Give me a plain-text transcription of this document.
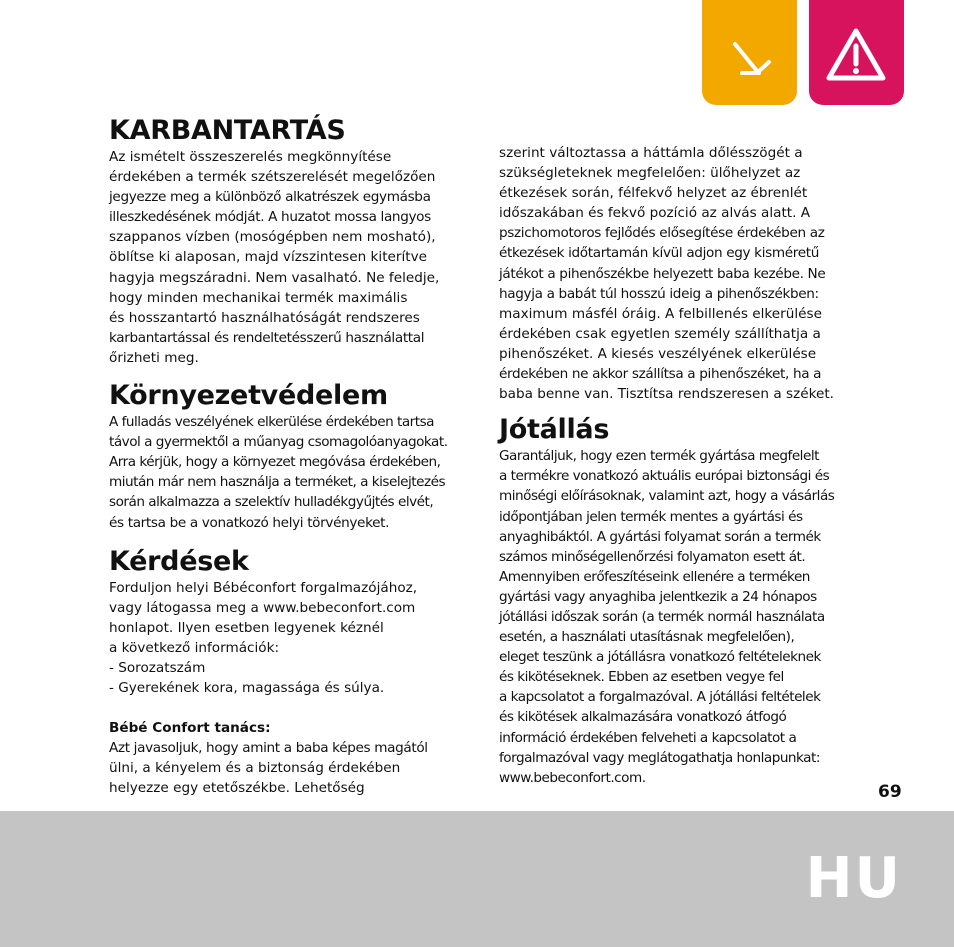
KARBANTARTÁS

Az ismételt összeszerelés megkönnyítése
érdekében a termék szétszerelését megelőzően
jegyezze meg a különböző alkatrészek egymásba
illeszkedésének módját. A huzatot mossa langyos
szappanos vízben (mosógépben nem mosható),
öblítse ki alaposan, majd vízszintesen kiterítve
hagyja megszáradni. Nem vasalható. Ne feledje,
hogy minden mechanikai termék maximális
és hosszantartó használhatóságát rendszeres
karbantartással és rendeltetésszerű használattal
őrizheti meg.

Környezetvédelem

A fulladás veszélyének elkerülése érdekében tartsa
távol a gyermektől a műanyag csomagolóanyagokat.
Arra kérjük, hogy a környezet megóvása érdekében,
miután már nem használja a terméket, a kiselejtezés
során alkalmazza a szelektív hulladékgyűjtés elvét,
és tartsa be a vonatkozó helyi törvényeket.

Kérdések

Forduljon helyi Bébéconfort forgalmazójához,
vagy látogassa meg a www.bebeconfort.com
honlapot. Ilyen esetben legyenek kéznél
a következő információk:
- Sorozatszám
- Gyerekének kora, magassága és súlya.
Bébé Confort tanács:
Azt javasoljuk, hogy amint a baba képes magától
ülni, a kényelem és a biztonság érdekében
helyezze egy etetőszékbe. Lehetőség

szerint változtassa a háttámla dőlésszögét a
szükségleteknek megfelelően: ülőhelyzet az
étkezések során, félfekvő helyzet az ébrenlét
időszakában és fekvő pozíció az alvás alatt. A
pszichomotoros fejlődés elősegítése érdekében az
étkezések időtartamán kívül adjon egy kisméretű
játékot a pihenőszékbe helyezett baba kezébe. Ne
hagyja a babát túl hosszú ideig a pihenőszékben:
maximum másfél óráig. A felbillenés elkerülése
érdekében csak egyetlen személy szállíthatja a
pihenőszéket. A kiesés veszélyének elkerülése
érdekében ne akkor szállítsa a pihenőszéket, ha a
baba benne van. Tisztítsa rendszeresen a széket.

Jótállás

Garantáljuk, hogy ezen termék gyártása megfelelt
a termékre vonatkozó aktuális európai biztonsági és
minőségi előírásoknak, valamint azt, hogy a vásárlás
időpontjában jelen termék mentes a gyártási és
anyaghibáktól. A gyártási folyamat során a termék
számos minőségellenőrzési folyamaton esett át.
Amennyiben erőfeszítéseink ellenére a terméken
gyártási vagy anyaghiba jelentkezik a 24 hónapos
jótállási időszak során (a termék normál használata
esetén, a használati utasításnak megfelelően),
eleget teszünk a jótállásra vonatkozó feltételeknek
és kikötéseknek. Ebben az esetben vegye fel
a kapcsolatot a forgalmazóval. A jótállási feltételek
és kikötések alkalmazására vonatkozó átfogó
információ érdekében felveheti a kapcsolatot a
forgalmazóval vagy meglátogathatja honlapunkat:
www.bebeconfort.com.

69
HU
